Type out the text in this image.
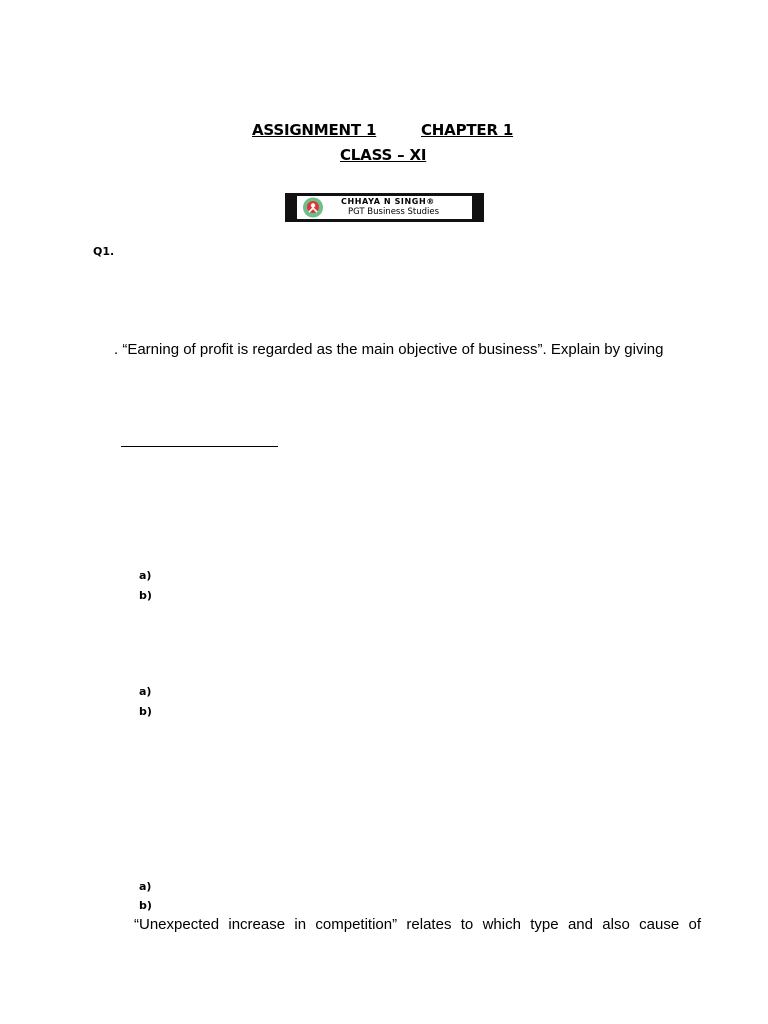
ASSIGNMENT 1	CHAPTER 1
CLASS – XI
CHHAYA N SINGH®
PGT Business Studies
Q1.
. “Earning of profit is regarded as the main objective of business”. Explain by giving
a)
b)
a)
b)
a)
b)
“Unexpected increase in competition” relates to which type and also cause of
